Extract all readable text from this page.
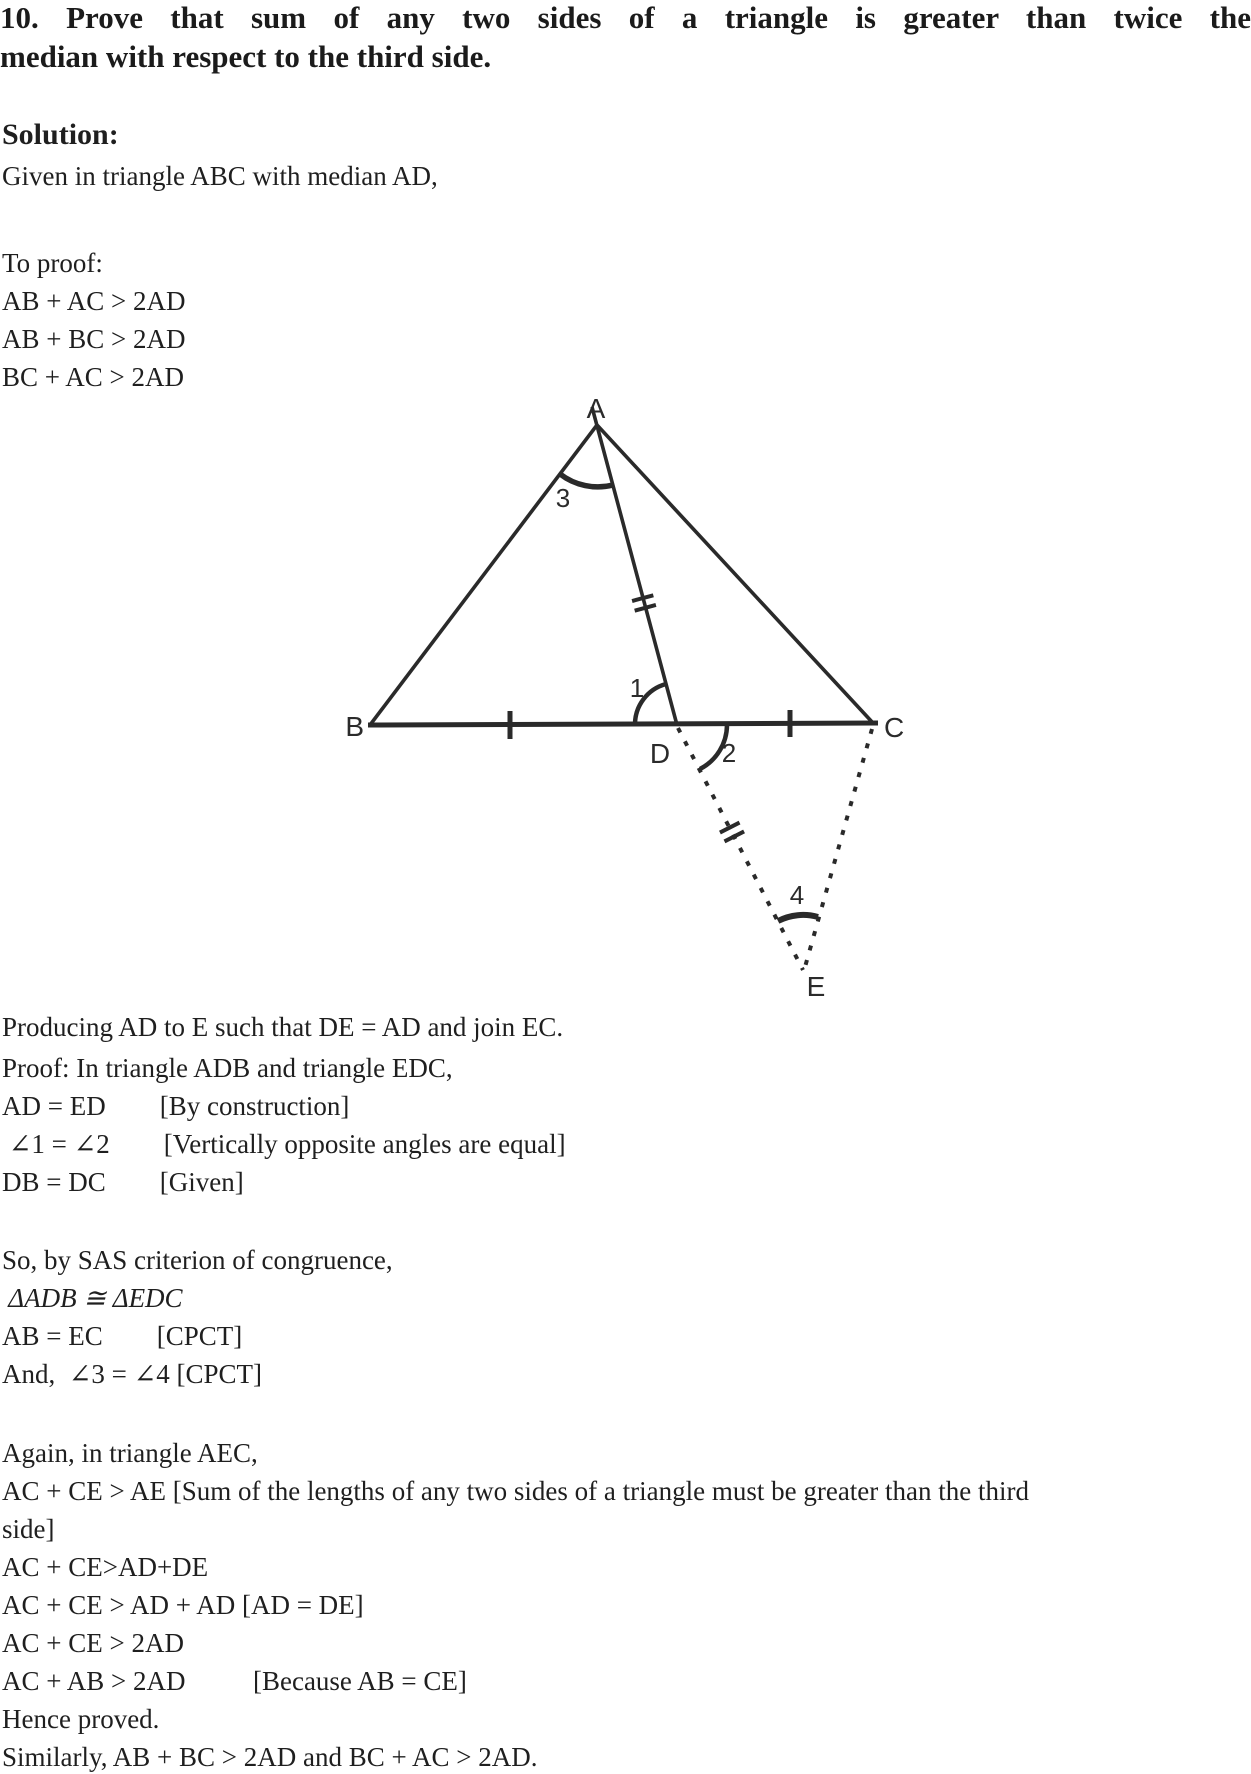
10. Prove that sum of any two sides of a triangle is greater than twice the
median with respect to the third side.
Solution:
Given in triangle ABC with median AD,
To proof:
AB + AC > 2AD
AB + BC > 2AD
BC + AC > 2AD
A
B	C
D
E
3
1
2
4
Producing AD to E such that DE = AD and join EC.
Proof: In triangle ADB and triangle EDC,
AD = ED        [By construction]
∠1 = ∠2        [Vertically opposite angles are equal]
DB = DC        [Given]
So, by SAS criterion of congruence,
ΔADB ≅ ΔEDC
AB = EC        [CPCT]
And,  ∠3 = ∠4 [CPCT]
Again, in triangle AEC,
AC + CE > AE [Sum of the lengths of any two sides of a triangle must be greater than the third
side]
AC + CE>AD+DE
AC + CE > AD + AD [AD = DE]
AC + CE > 2AD
AC + AB > 2AD          [Because AB = CE]
Hence proved.
Similarly, AB + BC > 2AD and BC + AC > 2AD.
